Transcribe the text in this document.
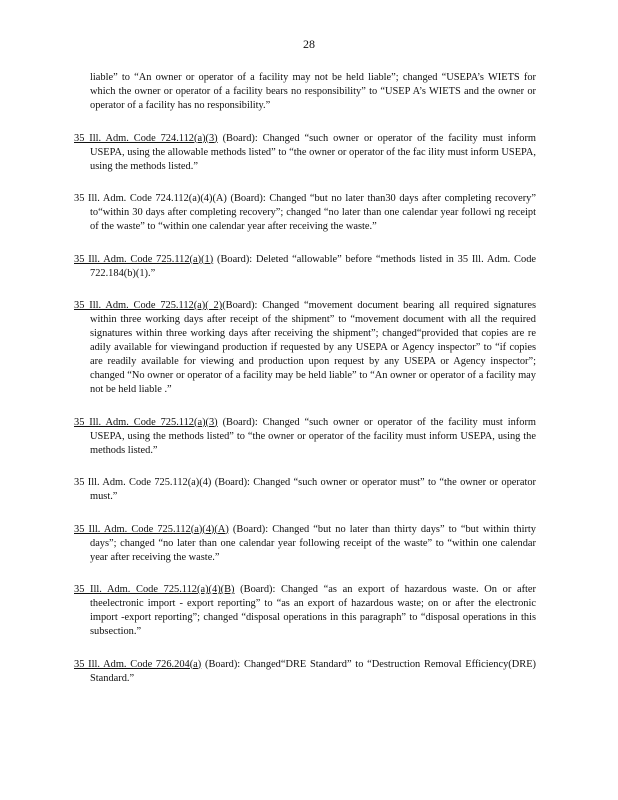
28

liable” to “An owner or operator of a facility may not be held liable”; changed “USEPA’s WIETS for which the owner or operator of a facility bears no responsibility” to “USEP A’s WIETS and the owner or operator of a facility has no responsibility.”

35 Ill. Adm. Code 724.112(a)(3) (Board): Changed “such owner or operator of the facility must inform USEPA, using the allowable methods listed” to “the owner or operator of the fac ility must inform USEPA, using the methods listed.”

35 Ill. Adm. Code 724.112(a)(4)(A) (Board): Changed “but no later than30 days after completing recovery” to“within 30 days after completing recovery”; changed “no later than one calendar year followi ng receipt of the waste” to “within one calendar year after receiving the waste.”

35 Ill. Adm. Code 725.112(a)(1) (Board): Deleted “allowable” before “methods listed in 35 Ill. Adm. Code 722.184(b)(1).”

35 Ill. Adm. Code 725.112(a)( 2)(Board): Changed “movement document bearing all required signatures within three working days after receipt of the shipment” to “movement document with all the required signatures within three working days after receiving the shipment”; changed“provided that copies are re adily available for viewingand production if requested by any USEPA or Agency inspector” to “if copies are readily available for viewing and production upon request by any USEPA or Agency inspector”; changed “No owner or operator of a facility may be held liable” to “An owner or operator of a facility may not be held liable .”

35 Ill. Adm. Code 725.112(a)(3) (Board): Changed “such owner or operator of the facility must inform USEPA, using the methods listed” to “the owner or operator of the facility must inform USEPA, using the methods listed.”

35 Ill. Adm. Code 725.112(a)(4) (Board): Changed “such owner or operator must” to “the owner or operator must.”

35 Ill. Adm. Code 725.112(a)(4)(A) (Board): Changed “but no later than thirty days” to “but within thirty days”; changed “no later than one calendar year following receipt of the waste” to “within one calendar year after receiving the waste.”

35 Ill. Adm. Code 725.112(a)(4)(B) (Board): Changed “as an export of hazardous waste. On or after theelectronic import - export reporting” to “as an export of hazardous waste; on or after the electronic import -export reporting”; changed “disposal operations in this paragraph” to “disposal operations in this subsection.”

35 Ill. Adm. Code 726.204(a) (Board): Changed“DRE Standard” to “Destruction Removal Efficiency(DRE) Standard.”
